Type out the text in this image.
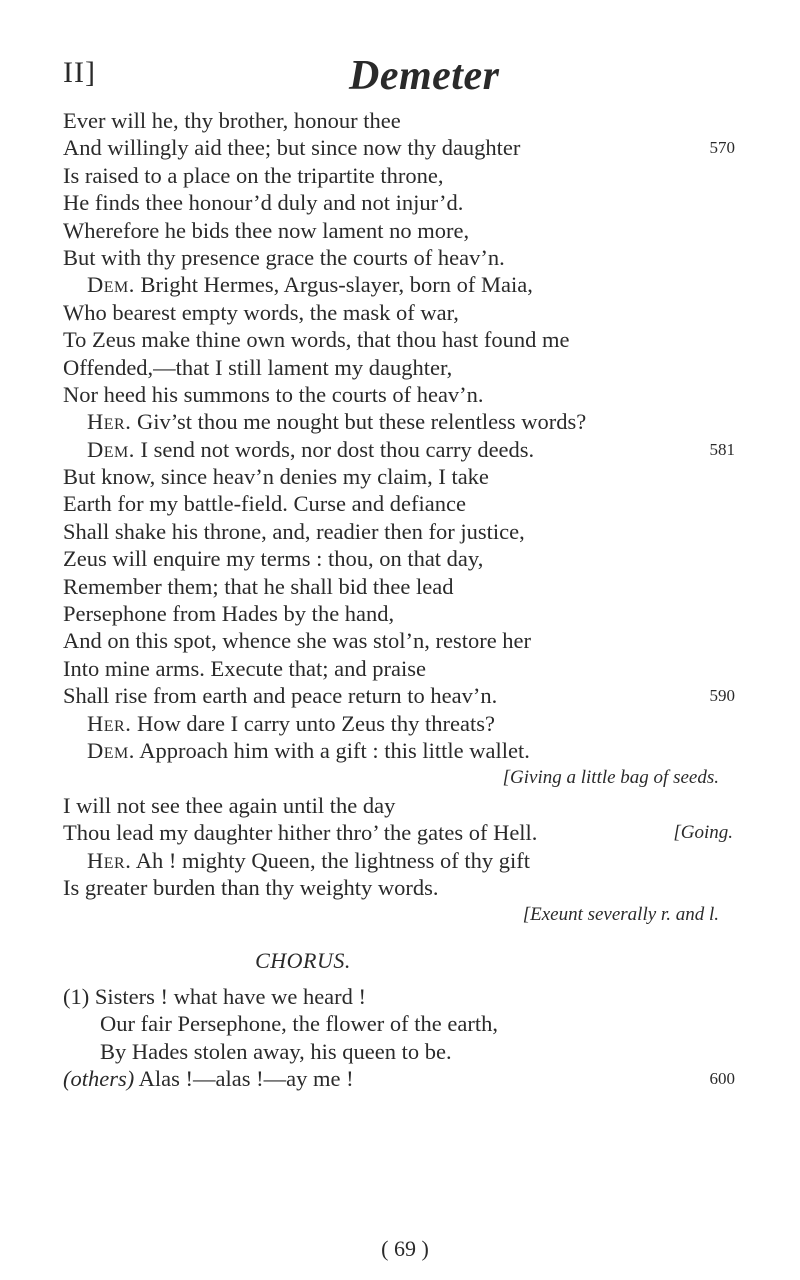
II]	Demeter
Ever will he, thy brother, honour thee
And willingly aid thee; but since now thy daughter	570
Is raised to a place on the tripartite throne,
He finds thee honour’d duly and not injur’d.
Wherefore he bids thee now lament no more,
But with thy presence grace the courts of heav’n.
Dem. Bright Hermes, Argus-slayer, born of Maia,
Who bearest empty words, the mask of war,
To Zeus make thine own words, that thou hast found me
Offended,—that I still lament my daughter,
Nor heed his summons to the courts of heav’n.
Her. Giv’st thou me nought but these relentless words?
Dem. I send not words, nor dost thou carry deeds.	581
But know, since heav’n denies my claim, I take
Earth for my battle-field. Curse and defiance
Shall shake his throne, and, readier then for justice,
Zeus will enquire my terms : thou, on that day,
Remember them; that he shall bid thee lead
Persephone from Hades by the hand,
And on this spot, whence she was stol’n, restore her
Into mine arms. Execute that; and praise
Shall rise from earth and peace return to heav’n.	590
Her. How dare I carry unto Zeus thy threats?
Dem. Approach him with a gift : this little wallet.
[Giving a little bag of seeds.
I will not see thee again until the day
Thou lead my daughter hither thro’ the gates of Hell.	[Going.
Her. Ah ! mighty Queen, the lightness of thy gift
Is greater burden than thy weighty words.
[Exeunt severally r. and l.
CHORUS.
(1) Sisters ! what have we heard !
Our fair Persephone, the flower of the earth,
By Hades stolen away, his queen to be.
(others) Alas !—alas !—ay me !	600
( 69 )
